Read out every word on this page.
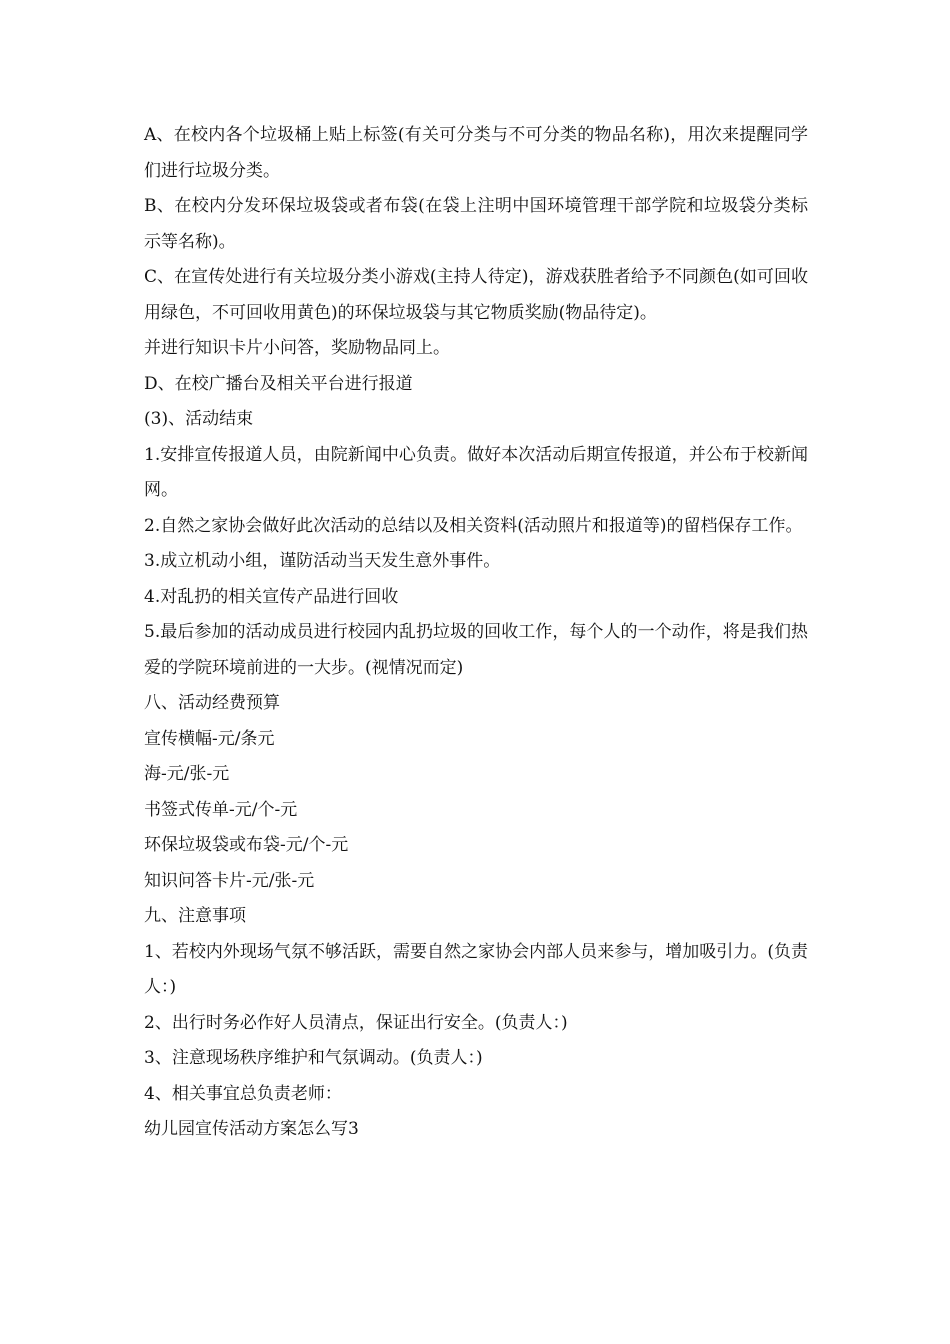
A、在校内各个垃圾桶上贴上标签(有关可分类与不可分类的物品名称)，用次来提醒同学们进行垃圾分类。

B、在校内分发环保垃圾袋或者布袋(在袋上注明中国环境管理干部学院和垃圾袋分类标示等名称)。

C、在宣传处进行有关垃圾分类小游戏(主持人待定)，游戏获胜者给予不同颜色(如可回收用绿色，不可回收用黄色)的环保垃圾袋与其它物质奖励(物品待定)。

并进行知识卡片小问答，奖励物品同上。

D、在校广播台及相关平台进行报道

(3)、活动结束

1.安排宣传报道人员，由院新闻中心负责。做好本次活动后期宣传报道，并公布于校新闻网。

2.自然之家协会做好此次活动的总结以及相关资料(活动照片和报道等)的留档保存工作。

3.成立机动小组，谨防活动当天发生意外事件。

4.对乱扔的相关宣传产品进行回收

5.最后参加的活动成员进行校园内乱扔垃圾的回收工作，每个人的一个动作，将是我们热爱的学院环境前进的一大步。(视情况而定)

八、活动经费预算

宣传横幅-元/条元

海-元/张-元

书签式传单-元/个-元

环保垃圾袋或布袋-元/个-元

知识问答卡片-元/张-元

九、注意事项

1、若校内外现场气氛不够活跃，需要自然之家协会内部人员来参与，增加吸引力。(负责人：)

2、出行时务必作好人员清点，保证出行安全。(负责人：)

3、注意现场秩序维护和气氛调动。(负责人：)

4、相关事宜总负责老师：

幼儿园宣传活动方案怎么写3
